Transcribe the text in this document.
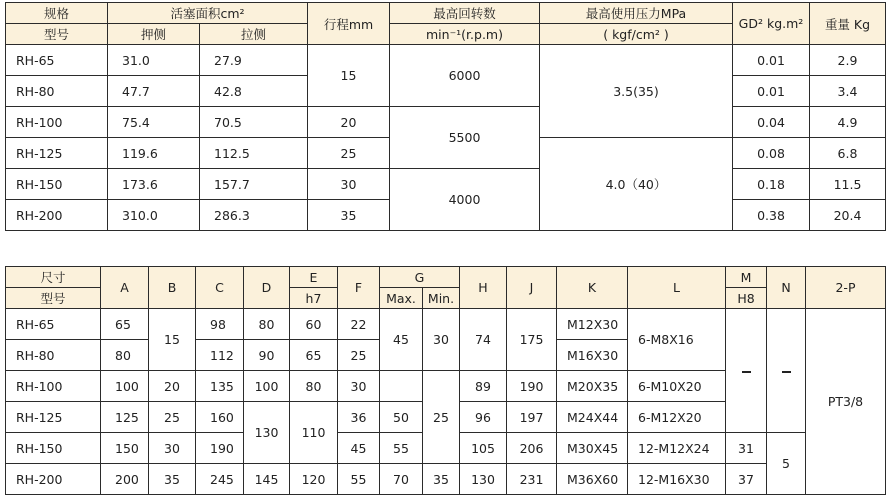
规格	活塞面积cm²		行程mm	最高回转数	最高使用压力MPa	GD² kg.m²	重量 Kg
型号	押侧	拉侧		min⁻¹(r.p.m)	( kgf/cm² )		
RH-65	31.0	27.9	15	6000	3.5(35)	0.01	2.9
RH-80	47.7	42.8				0.01	3.4
RH-100	75.4	70.5	20	5500		0.04	4.9
RH-125	119.6	112.5	25		4.0（40）	0.08	6.8
RH-150	173.6	157.7	30	4000		0.18	11.5
RH-200	310.0	286.3	35			0.38	20.4
尺寸	A	B	C	D	E	F	G		H	J	K	L	M	N	2-P
型号					h7		Max.	Min.					H8		
RH-65	65	15	98	80	60	22	45	30	74	175	M12X30	6-M8X16			PT3/8
RH-80	80		112	90	65	25					M16X30				
RH-100	100	20	135	100	80	30		25	89	190	M20X35	6-M10X20			
RH-125	125	25	160	130	110	36	50		96	197	M24X44	6-M12X20			
RH-150	150	30	190			45	55		105	206	M30X45	12-M12X24	31	5	
RH-200	200	35	245	145	120	55	70	35	130	231	M36X60	12-M16X30	37		
